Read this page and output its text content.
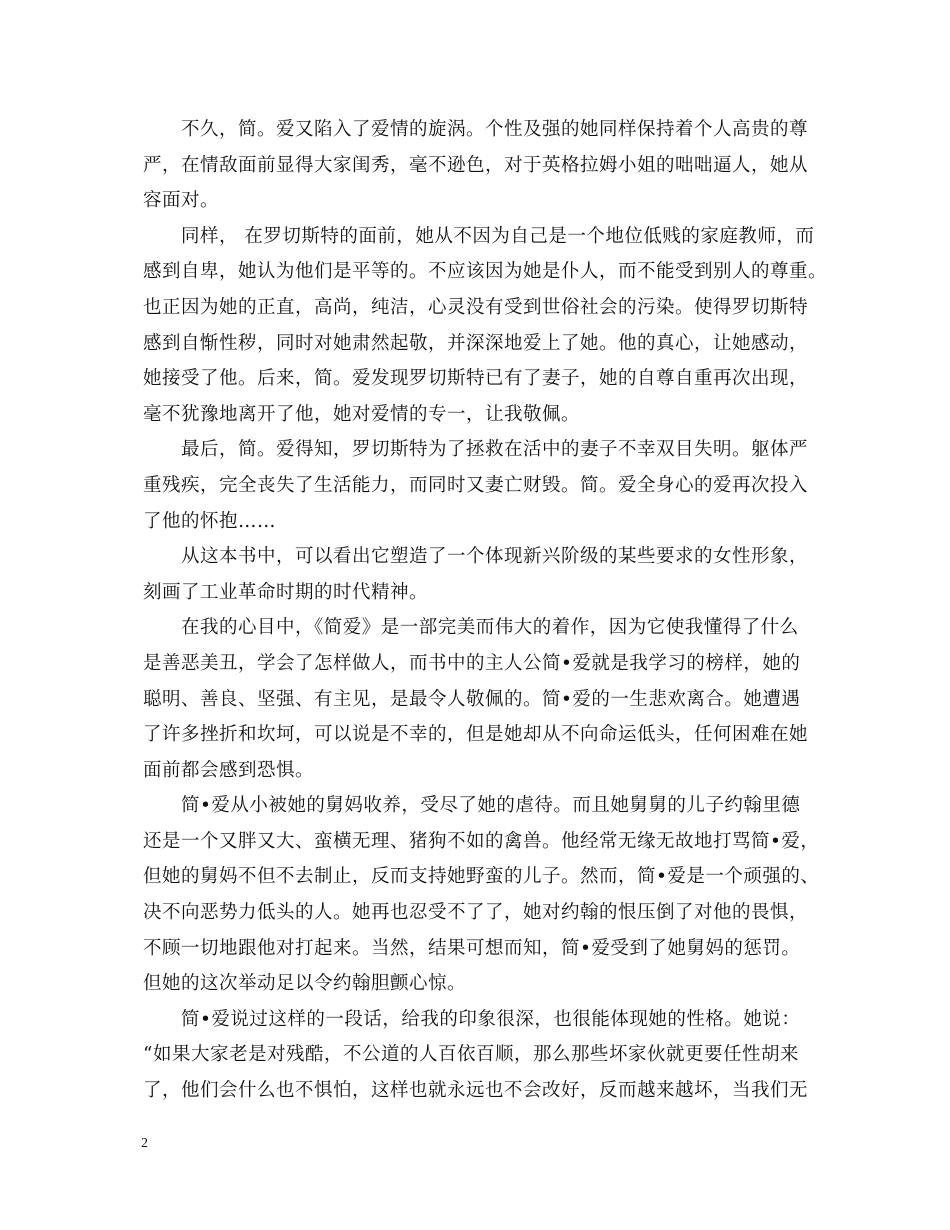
不久，简。爱又陷入了爱情的旋涡。个性及强的她同样保持着个人高贵的尊
严，在情敌面前显得大家闺秀，毫不逊色，对于英格拉姆小姐的咄咄逼人，她从
容面对。
同样， 在罗切斯特的面前，她从不因为自己是一个地位低贱的家庭教师，而
感到自卑，她认为他们是平等的。不应该因为她是仆人，而不能受到别人的尊重。
也正因为她的正直，高尚，纯洁，心灵没有受到世俗社会的污染。使得罗切斯特
感到自惭性秽，同时对她肃然起敬，并深深地爱上了她。他的真心，让她感动，
她接受了他。后来，简。爱发现罗切斯特已有了妻子，她的自尊自重再次出现，
毫不犹豫地离开了他，她对爱情的专一，让我敬佩。
最后，简。爱得知，罗切斯特为了拯救在活中的妻子不幸双目失明。躯体严
重残疾，完全丧失了生活能力，而同时又妻亡财毁。简。爱全身心的爱再次投入
了他的怀抱……
从这本书中，可以看出它塑造了一个体现新兴阶级的某些要求的女性形象，
刻画了工业革命时期的时代精神。
在我的心目中，《简爱》是一部完美而伟大的着作，因为它使我懂得了什么
是善恶美丑，学会了怎样做人，而书中的主人公简•爱就是我学习的榜样，她的
聪明、善良、坚强、有主见，是最令人敬佩的。简•爱的一生悲欢离合。她遭遇
了许多挫折和坎坷，可以说是不幸的，但是她却从不向命运低头，任何困难在她
面前都会感到恐惧。
简•爱从小被她的舅妈收养，受尽了她的虐待。而且她舅舅的儿子约翰里德
还是一个又胖又大、蛮横无理、猪狗不如的禽兽。他经常无缘无故地打骂简•爱，
但她的舅妈不但不去制止，反而支持她野蛮的儿子。然而，简•爱是一个顽强的、
决不向恶势力低头的人。她再也忍受不了了，她对约翰的恨压倒了对他的畏惧，
不顾一切地跟他对打起来。当然，结果可想而知，简•爱受到了她舅妈的惩罚。
但她的这次举动足以令约翰胆颤心惊。
简•爱说过这样的一段话，给我的印象很深，也很能体现她的性格。她说：
“如果大家老是对残酷，不公道的人百依百顺，那么那些坏家伙就更要任性胡来
了，他们会什么也不惧怕，这样也就永远也不会改好，反而越来越坏，当我们无
2
